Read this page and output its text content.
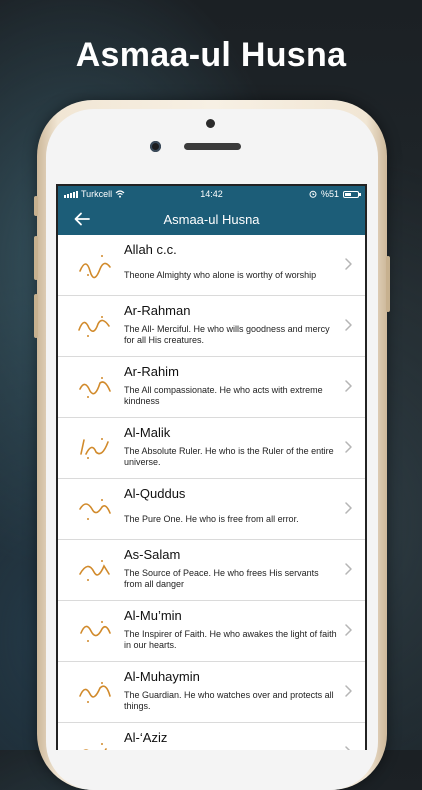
Asmaa-ul Husna
Turkcell	14:42	%51
Asmaa-ul Husna
Allah c.c.
Theone Almighty who alone is worthy of worship
Ar-Rahman
The All- Merciful. He who wills goodness and mercy for all His creatures.
Ar-Rahim
The All compassionate. He who acts with extreme kindness
Al-Malik
The Absolute Ruler. He who is the Ruler of the entire universe.
Al-Quddus
The Pure One. He who is free from all error.
As-Salam
The Source of Peace. He who frees His servants from all danger
Al-Mu’min
The Inspirer of Faith. He who awakes the light of faith in our hearts.
Al-Muhaymin
The Guardian. He who watches over and protects all things.
Al-‘Aziz
